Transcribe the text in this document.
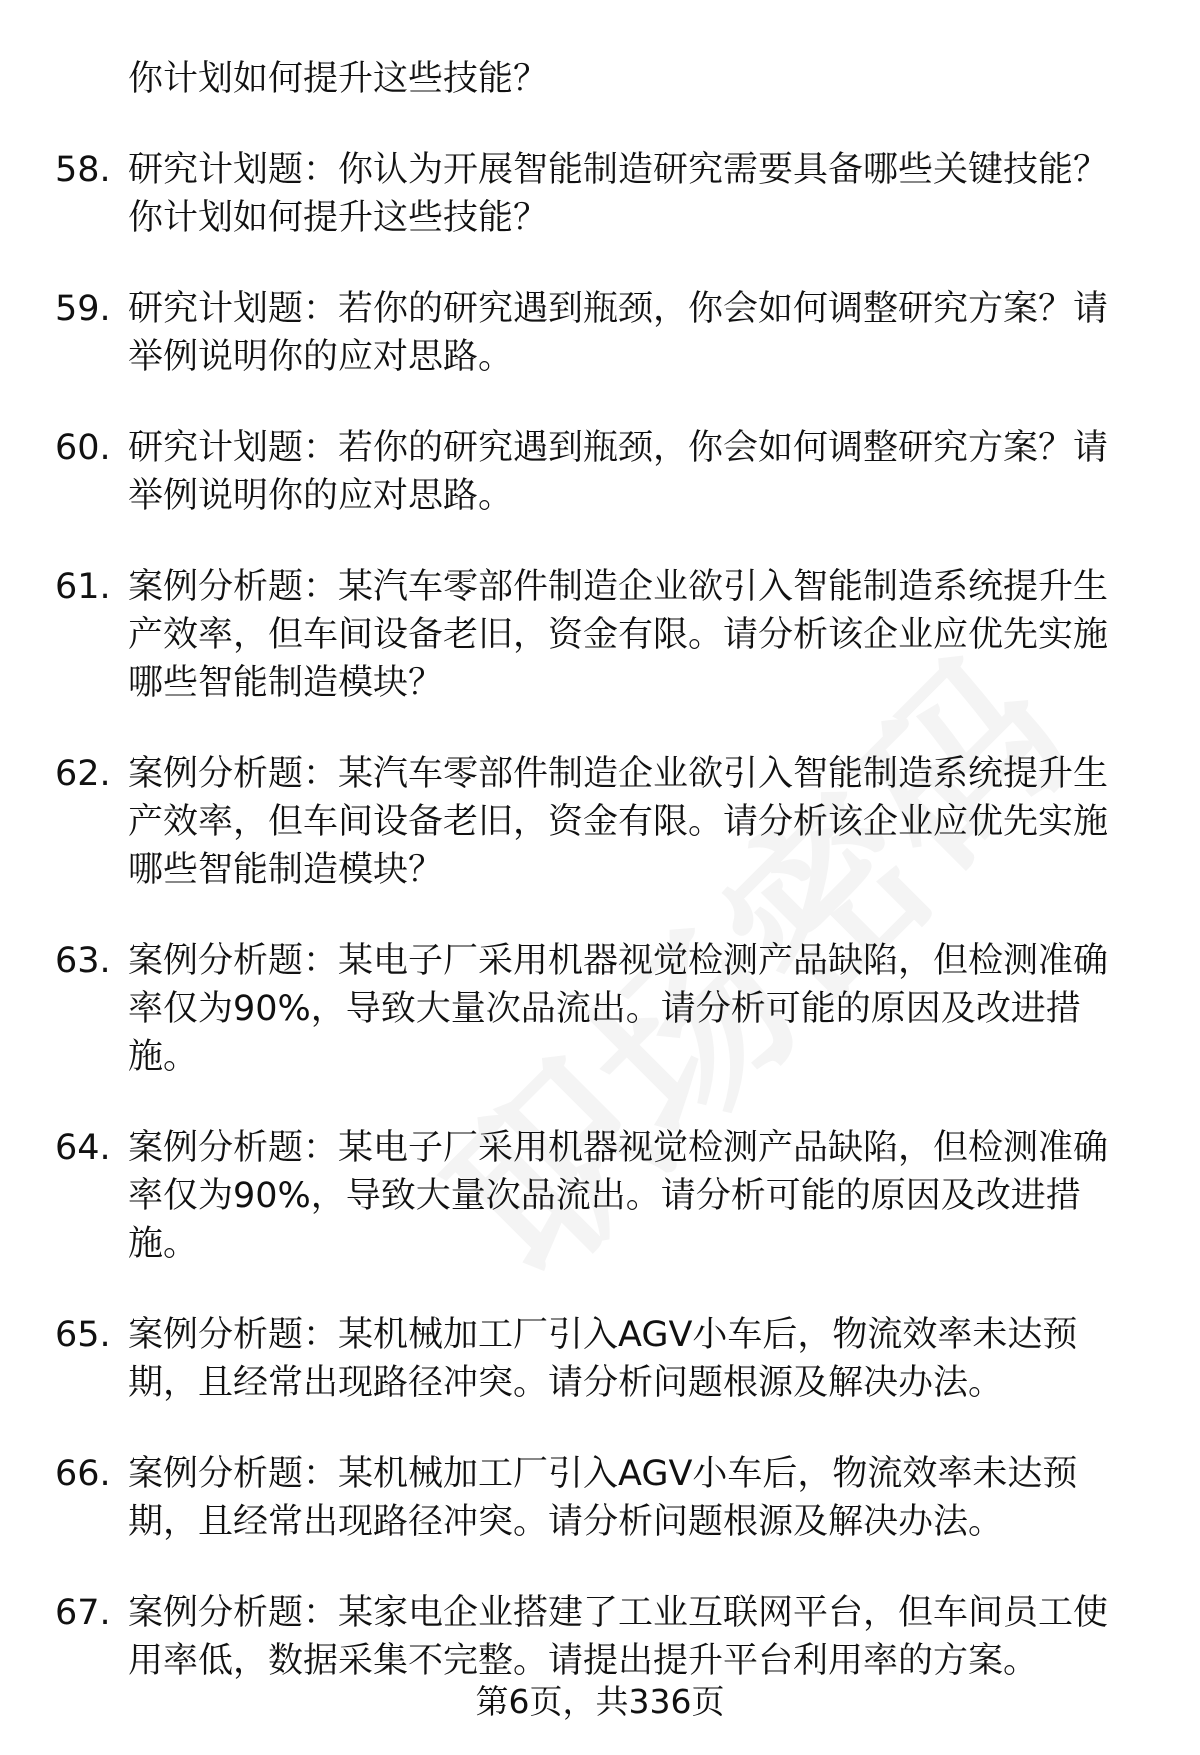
你计划如何提升这些技能？
58. 研究计划题：你认为开展智能制造研究需要具备哪些关键技能？你计划如何提升这些技能？
59. 研究计划题：若你的研究遇到瓶颈，你会如何调整研究方案？请举例说明你的应对思路。
60. 研究计划题：若你的研究遇到瓶颈，你会如何调整研究方案？请举例说明你的应对思路。
61. 案例分析题：某汽车零部件制造企业欲引入智能制造系统提升生产效率，但车间设备老旧，资金有限。请分析该企业应优先实施哪些智能制造模块？
62. 案例分析题：某汽车零部件制造企业欲引入智能制造系统提升生产效率，但车间设备老旧，资金有限。请分析该企业应优先实施哪些智能制造模块？
63. 案例分析题：某电子厂采用机器视觉检测产品缺陷，但检测准确率仅为90%，导致大量次品流出。请分析可能的原因及改进措施。
64. 案例分析题：某电子厂采用机器视觉检测产品缺陷，但检测准确率仅为90%，导致大量次品流出。请分析可能的原因及改进措施。
65. 案例分析题：某机械加工厂引入AGV小车后，物流效率未达预期，且经常出现路径冲突。请分析问题根源及解决办法。
66. 案例分析题：某机械加工厂引入AGV小车后，物流效率未达预期，且经常出现路径冲突。请分析问题根源及解决办法。
67. 案例分析题：某家电企业搭建了工业互联网平台，但车间员工使用率低，数据采集不完整。请提出提升平台利用率的方案。
第6页，共336页
